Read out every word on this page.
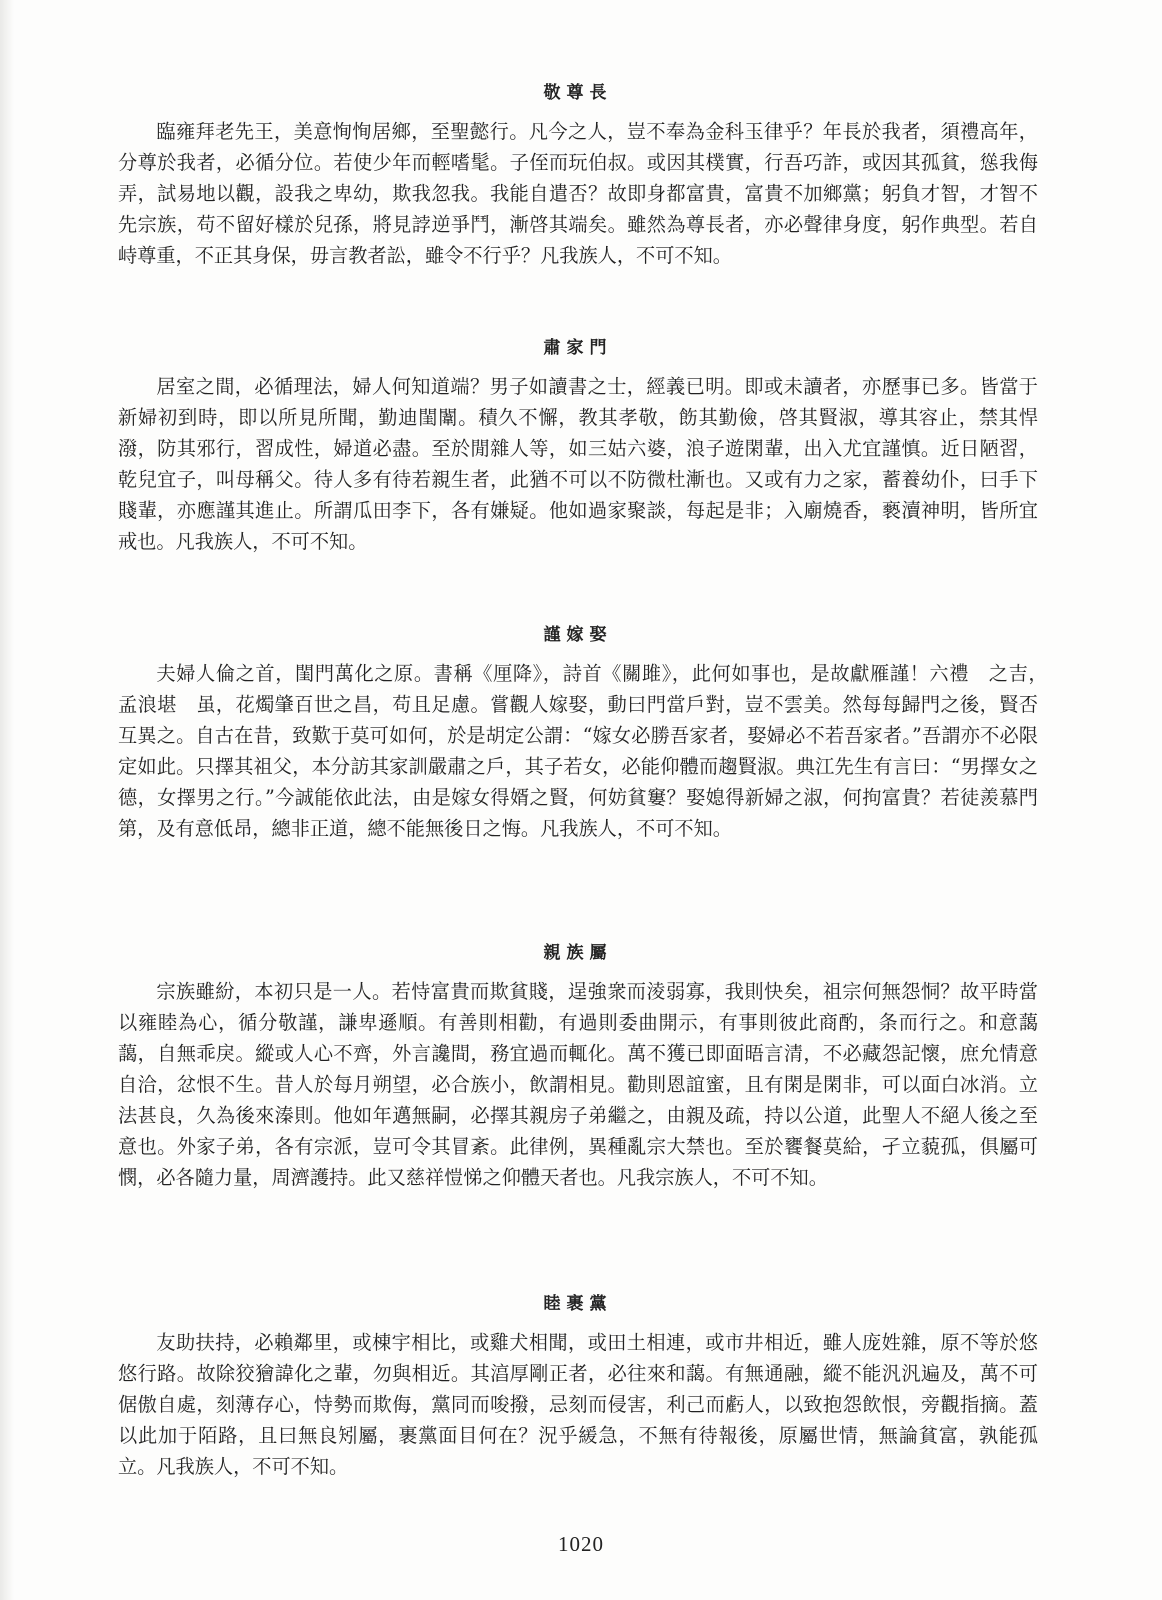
敬尊長

臨雍拜老先王，美意恂恂居鄉，至聖懿行。凡今之人，豈不奉為金科玉律乎？年長於我者，須禮高年，分尊於我者，必循分位。若使少年而輕嗜髦。子侄而玩伯叔。或因其樸實，行吾巧詐，或因其孤貧，慫我侮弄，試易地以觀，設我之卑幼，欺我忽我。我能自遣否？故即身都富貴，富貴不加鄉黨；躬負才智，才智不先宗族，苟不留好樣於兒孫，將見誖逆爭鬥，漸啓其端矣。雖然為尊長者，亦必聲律身度，躬作典型。若自峙尊重，不正其身保，毋言教者訟，雖令不行乎？凡我族人，不可不知。

肅家門

居室之間，必循理法，婦人何知道端？男子如讀書之士，經義已明。即或未讀者，亦歷事已多。皆當于新婦初到時，即以所見所聞，勤迪閨闈。積久不懈，教其孝敬，飭其勤儉，啓其賢淑，導其容止，禁其悍潑，防其邪行，習成性，婦道必盡。至於閒雜人等，如三姑六婆，浪子遊閑輩，出入尤宜謹慎。近日陋習，乾兒宜子，叫母稱父。待人多有待若親生者，此猶不可以不防微杜漸也。又或有力之家，蓄養幼仆，曰手下賤輩，亦應謹其進止。所謂瓜田李下，各有嫌疑。他如過家聚談，每起是非；入廟燒香，褻瀆神明，皆所宜戒也。凡我族人，不可不知。

謹嫁娶

夫婦人倫之首，閨門萬化之原。書稱《厘降》，詩首《關雎》，此何如事也，是故獻雁謹！六禮　之吉，　孟浪堪　虽，花燭肇百世之昌，苟且足慮。嘗觀人嫁娶，動曰門當戶對，豈不雲美。然每每歸門之後，賢否互異之。自古在昔，致歎于莫可如何，於是胡定公謂：“嫁女必勝吾家者，娶婦必不若吾家者。”吾謂亦不必限定如此。只擇其祖父，本分訪其家訓嚴肅之戶，其子若女，必能仰體而趨賢淑。典江先生有言曰：“男擇女之德，女擇男之行。”今誠能依此法，由是嫁女得婿之賢，何妨貧窶？娶媳得新婦之淑，何拘富貴？若徒羨慕門第，及有意低昂，總非正道，總不能無後日之悔。凡我族人，不可不知。

親族屬

宗族雖紛，本初只是一人。若恃富貴而欺貧賤，逞強衆而淩弱寡，我則快矣，祖宗何無怨恫？故平時當以雍睦為心，循分敬謹，謙卑遜順。有善則相勸，有過則委曲開示，有事則彼此商酌，条而行之。和意藹藹，自無乖戾。縱或人心不齊，外言讒間，務宜過而輒化。萬不獲已即面晤言清，不必藏怨記懷，庶允情意自洽，忿恨不生。昔人於每月朔望，必合族小，飲謂相見。勸則恩誼蜜，且有閑是閑非，可以面白冰消。立法甚良，久為後來溱則。他如年邁無嗣，必擇其親房子弟繼之，由親及疏，持以公道，此聖人不絕人後之至意也。外家子弟，各有宗派，豈可令其冒紊。此律例，異種亂宗大禁也。至於饔餐莫給，孑立藐孤，俱屬可憫，必各隨力量，周濟護持。此又慈祥愷悌之仰體天者也。凡我宗族人，不可不知。

睦裹黨

友助扶持，必賴鄰里，或棟宇相比，或雞犬相聞，或田土相連，或市井相近，雖人庞姓雜，原不等於悠悠行路。故除狡獪諱化之輩，勿與相近。其湻厚剛正者，必往來和藹。有無通融，縱不能汎汎遍及，萬不可倨傲自處，刻薄存心，恃勢而欺侮，黨同而唆撥，忌刻而侵害，利己而虧人，以致抱怨飲恨，旁觀指摘。蓋以此加于陌路，且曰無良矧屬，裹黨面目何在？況乎緩急，不無有待報後，原屬世情，無論貧富，孰能孤立。凡我族人，不可不知。

1020
